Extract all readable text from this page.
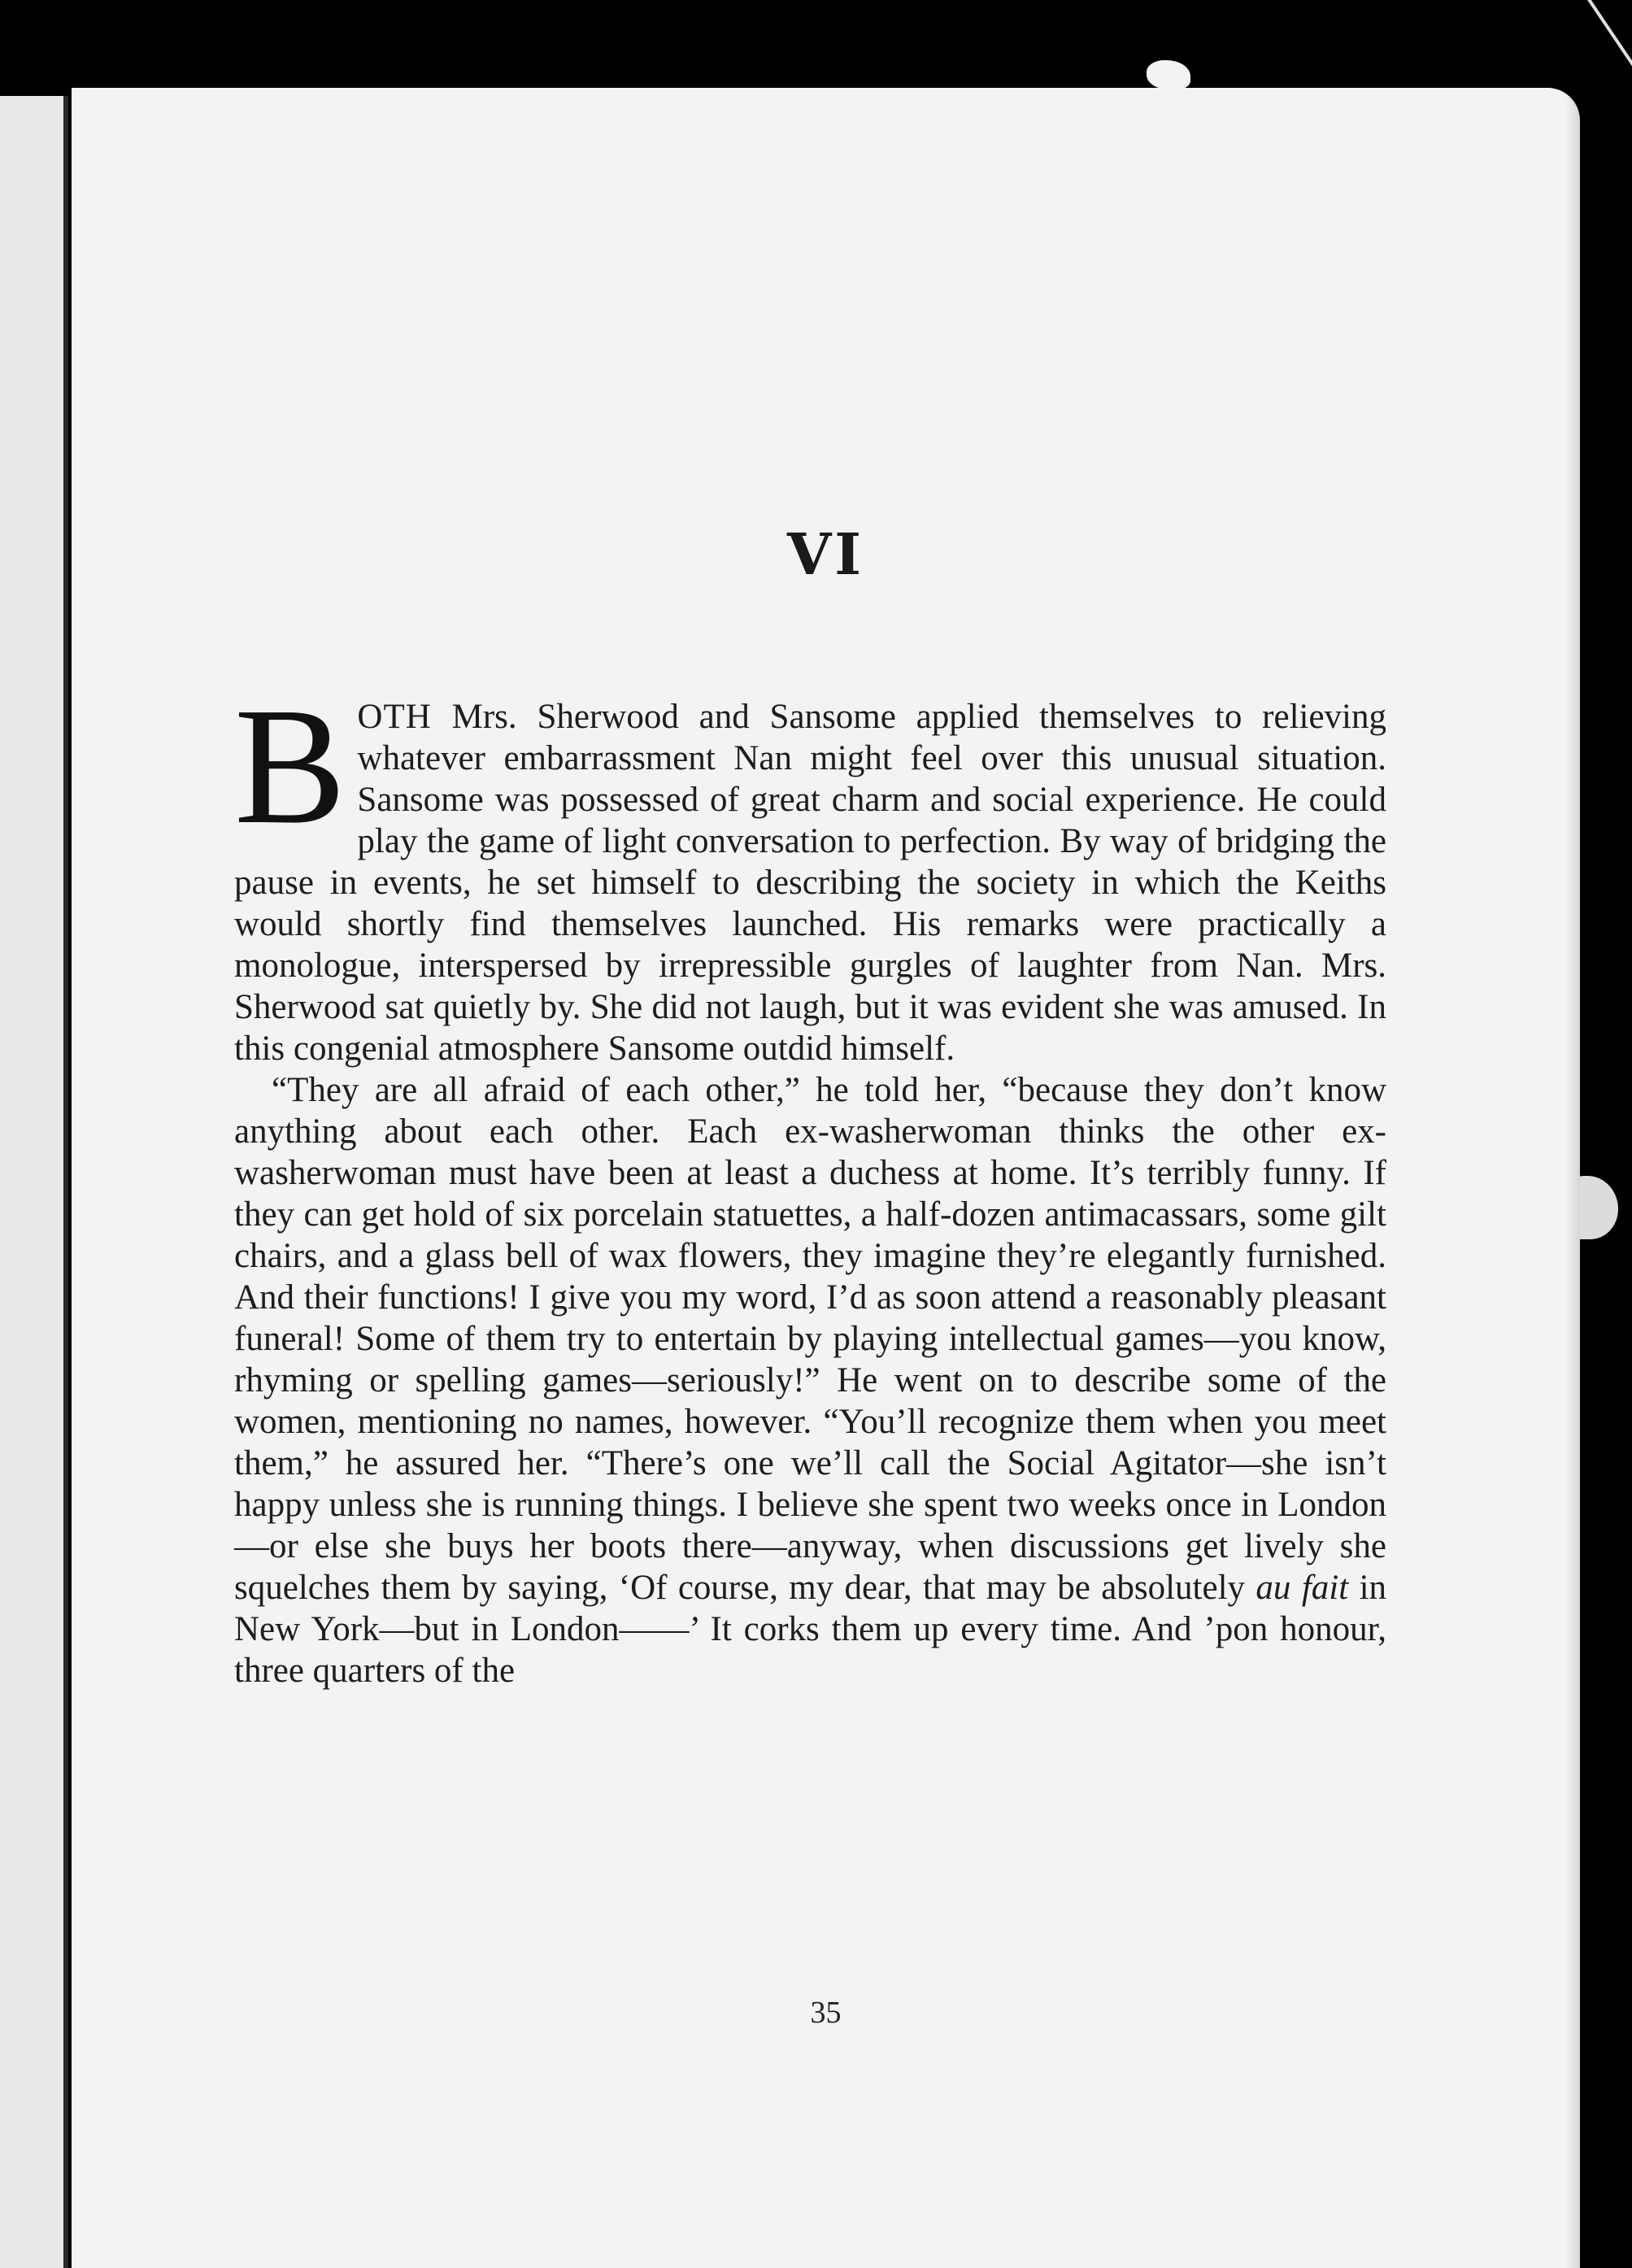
VI

BOTH Mrs. Sherwood and Sansome applied themselves to relieving whatever embarrassment Nan might feel over this unusual situation. Sansome was possessed of great charm and social experience. He could play the game of light conversation to perfection. By way of bridging the pause in events, he set himself to describing the society in which the Keiths would shortly find themselves launched. His remarks were practically a monologue, interspersed by irrepressible gurgles of laughter from Nan. Mrs. Sherwood sat quietly by. She did not laugh, but it was evident she was amused. In this congenial atmosphere Sansome outdid himself.

“They are all afraid of each other,” he told her, “because they don’t know anything about each other. Each ex-washerwoman thinks the other ex-washerwoman must have been at least a duchess at home. It’s terribly funny. If they can get hold of six porcelain statuettes, a half-dozen antimacassars, some gilt chairs, and a glass bell of wax flowers, they imagine they’re elegantly furnished. And their functions! I give you my word, I’d as soon attend a reasonably pleasant funeral! Some of them try to entertain by playing intellectual games—you know, rhyming or spelling games—seriously!” He went on to describe some of the women, mentioning no names, however. “You’ll recognize them when you meet them,” he assured her. “There’s one we’ll call the Social Agitator—she isn’t happy unless she is running things. I believe she spent two weeks once in London—or else she buys her boots there—anyway, when discussions get lively she squelches them by saying, ‘Of course, my dear, that may be absolutely au fait in New York—but in London——’ It corks them up every time. And ’pon honour, three quarters of the

35
